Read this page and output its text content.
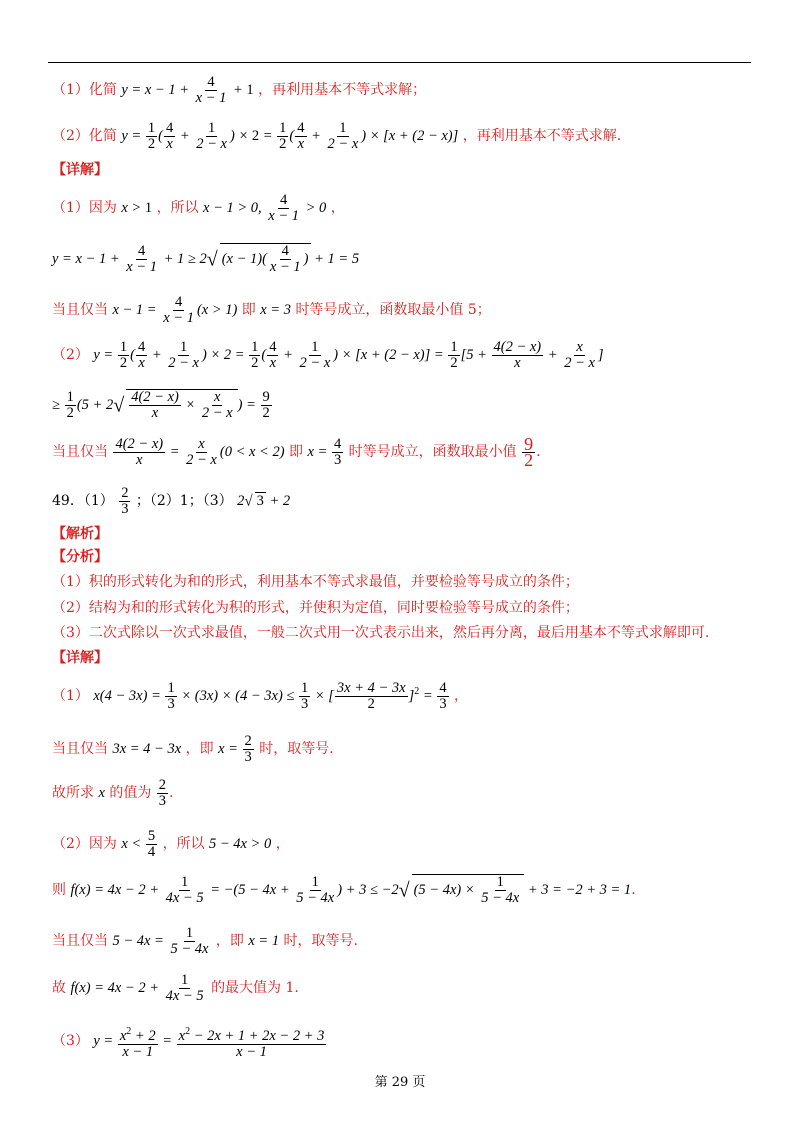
（1）化简 $y = x - 1 + \frac{4}{x - 1} + 1$ ，再利用基本不等式求解；
（2）化简 $y = \frac{1}{2}$ ( $\frac{4}{x} + \frac{1}{2 - x}$ ) × $2 = \frac{1}{2}$ ( $\frac{4}{x} + \frac{1}{2 - x}$ ) × [x + (2 − x)] ，再利用基本不等式求解.
【详解】
（1）因为 x > 1 ，所以 x − 1 > 0, $\frac{4}{x - 1} > 0$ ，
$y = x - 1 + \frac{4}{x - 1} + 1 \ge 2√$ $(x - 1)( \frac{4}{x - 1}$ ) + 1 = 5
当且仅当 $x - 1 = \frac{4}{x - 1} (x > 1)$ 即 x = 3 时等号成立，函数取最小值 5；
（2） $y = \frac{1}{2}$ ( $\frac{4}{x} + \frac{1}{2 - x}$ ) × $2 = \frac{1}{2}$ ( $\frac{4}{x} + \frac{1}{2 - x}$ ) × $[x + (2 - x)] = \frac{1}{2} [5 + \frac{4(2 - x)}{x} + \frac{x}{2 - x}$ ]
≥ $\frac{1}{2} (5 + 2√ \frac{4(2 - x)}{x} \times \frac{x}{2 - x}$ ) = $\frac{9}{2}$
当且仅当 $\frac{4(2 - x)}{x} = \frac{x}{2 - x} (0 < x < 2)$ 即 $x = \frac{4}{3}$ 时等号成立，函数取最小值 $\frac{9}{2}$ .
49．$(1) \frac{2}{3}$ ；（2）1；（3） 2√ 3 + 2
【解析】
【分析】
（1）积的形式转化为和的形式，利用基本不等式求最值，并要检验等号成立的条件；
（2）结构为和的形式转化为积的形式，并使积为定值，同时要检验等号成立的条件；
（3）二次式除以一次式求最值，一般二次式用一次式表示出来，然后再分离，最后用基本不等式求解即可.
【详解】
（1） $x(4 - 3x) = \frac{1}{3} \times (3x) \times (4 - 3x) \le \frac{1}{3}$ × [ $\frac{3x + 4 - 3x}{2} ]^2 = \frac{4}{3}$ ，
当且仅当 3x = 4 − 3x ，即 $x = \frac{2}{3}$ 时，取等号.
故所求 x 的值为 $\frac{2}{3}$ .
（2）因为 $x < \frac{5}{4}$ ，所以 5 − 4x > 0 ，
则 $f(x) = 4x - 2 + \frac{1}{4x - 5} = -(5 - 4x + \frac{1}{5 - 4x}$ ) + 3 ≤ −2√ $(5 - 4x) \times \frac{1}{5 - 4x} + 3 = -2 + 3 = 1$.
当且仅当 $5 - 4x = \frac{1}{5 - 4x}$ ，即 x = 1 时，取等号.
故 $f(x) = 4x - 2 + \frac{1}{4x - 5}$ 的最大值为 1.
（3） $y = \frac{x^2 + 2}{x - 1} = \frac{x^2 - 2x + 1 + 2x - 2 + 3}{x - 1}$
第 29 页
